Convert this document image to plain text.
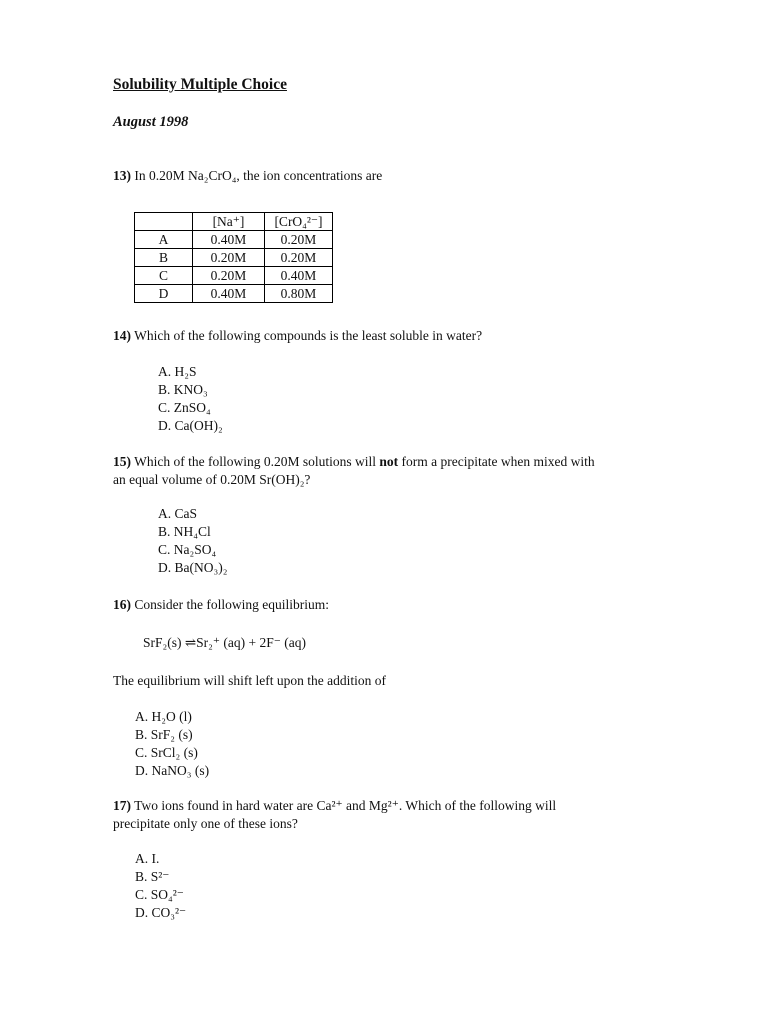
Solubility Multiple Choice
August 1998
13) In 0.20M Na₂CrO₄, the ion concentrations are
	[Na⁺]	[CrO₄²⁻]
A	0.40M	0.20M
B	0.20M	0.20M
C	0.20M	0.40M
D	0.40M	0.80M
14) Which of the following compounds is the least soluble in water?
A. H₂S
B. KNO₃
C. ZnSO₄
D. Ca(OH)₂
15) Which of the following 0.20M solutions will not form a precipitate when mixed with
an equal volume of 0.20M Sr(OH)₂?
A. CaS
B. NH₄Cl
C. Na₂SO₄
D. Ba(NO₃)₂
16) Consider the following equilibrium:
SrF₂(s) ⇌Sr₂⁺ (aq) + 2F⁻ (aq)
The equilibrium will shift left upon the addition of
A. H₂O (l)
B. SrF₂ (s)
C. SrCl₂ (s)
D. NaNO₃ (s)
17) Two ions found in hard water are Ca²⁺ and Mg²⁺. Which of the following will
precipitate only one of these ions?
A. I.
B. S²⁻
C. SO₄²⁻
D. CO₃²⁻
